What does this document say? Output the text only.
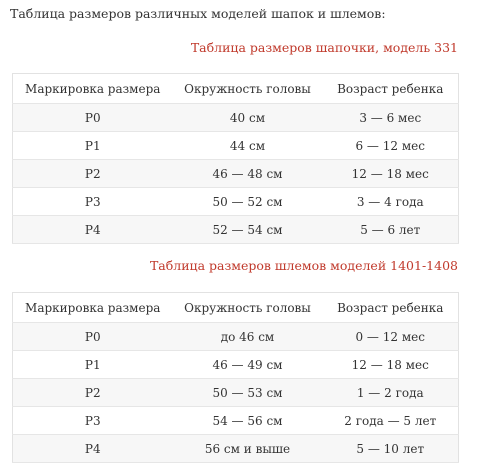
Таблица размеров различных моделей шапок и шлемов:
Таблица размеров шапочки, модель 331
Маркировка размера	Окружность головы	Возраст ребенка
P0	40 см	3 — 6 мес
P1	44 см	6 — 12 мес
P2	46 — 48 см	12 — 18 мес
P3	50 — 52 см	3 — 4 года
P4	52 — 54 см	5 — 6 лет
Таблица размеров шлемов моделей 1401-1408
Маркировка размера	Окружность головы	Возраст ребенка
P0	до 46 см	0 — 12 мес
P1	46 — 49 см	12 — 18 мес
P2	50 — 53 см	1 — 2 года
P3	54 — 56 см	2 года — 5 лет
P4	56 см и выше	5 — 10 лет
